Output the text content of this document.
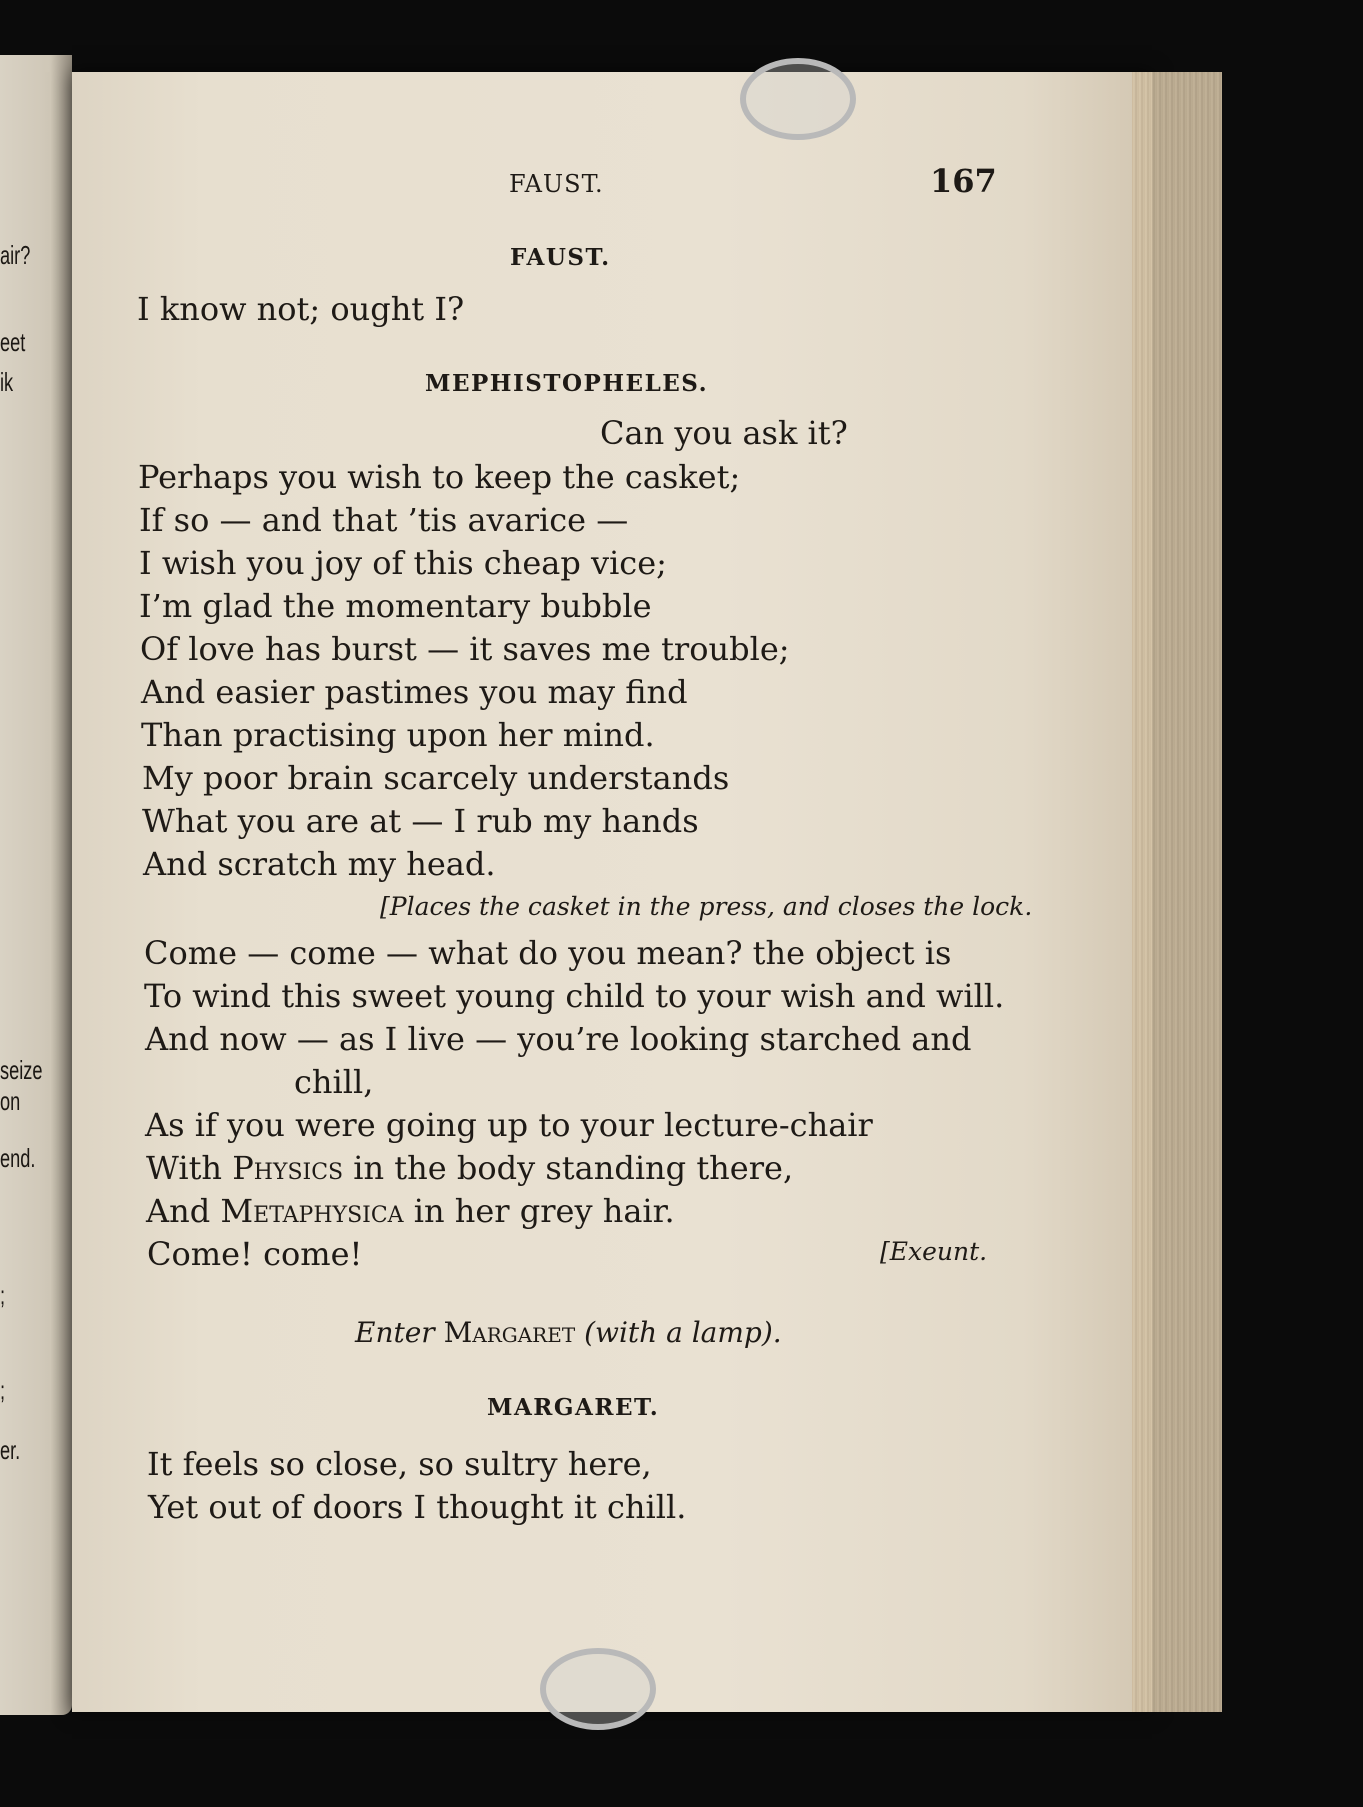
air?
eet
ik
seize on
end.
;
;
er.
FAUST.	167
FAUST.
I know not; ought I?
MEPHISTOPHELES.
Can you ask it?
Perhaps you wish to keep the casket;
If so — and that ’tis avarice —
I wish you joy of this cheap vice;
I’m glad the momentary bubble
Of love has burst — it saves me trouble;
And easier pastimes you may find
Than practising upon her mind.
My poor brain scarcely understands
What you are at — I rub my hands
And scratch my head.
[Places the casket in the press, and closes the lock.
Come — come — what do you mean? the object is
To wind this sweet young child to your wish and will.
And now — as I live — you’re looking starched and
chill,
As if you were going up to your lecture-chair
With Physics in the body standing there,
And Metaphysica in her grey hair.
Come! come!	[Exeunt.
Enter Margaret (with a lamp).
MARGARET.
It feels so close, so sultry here,
Yet out of doors I thought it chill.
